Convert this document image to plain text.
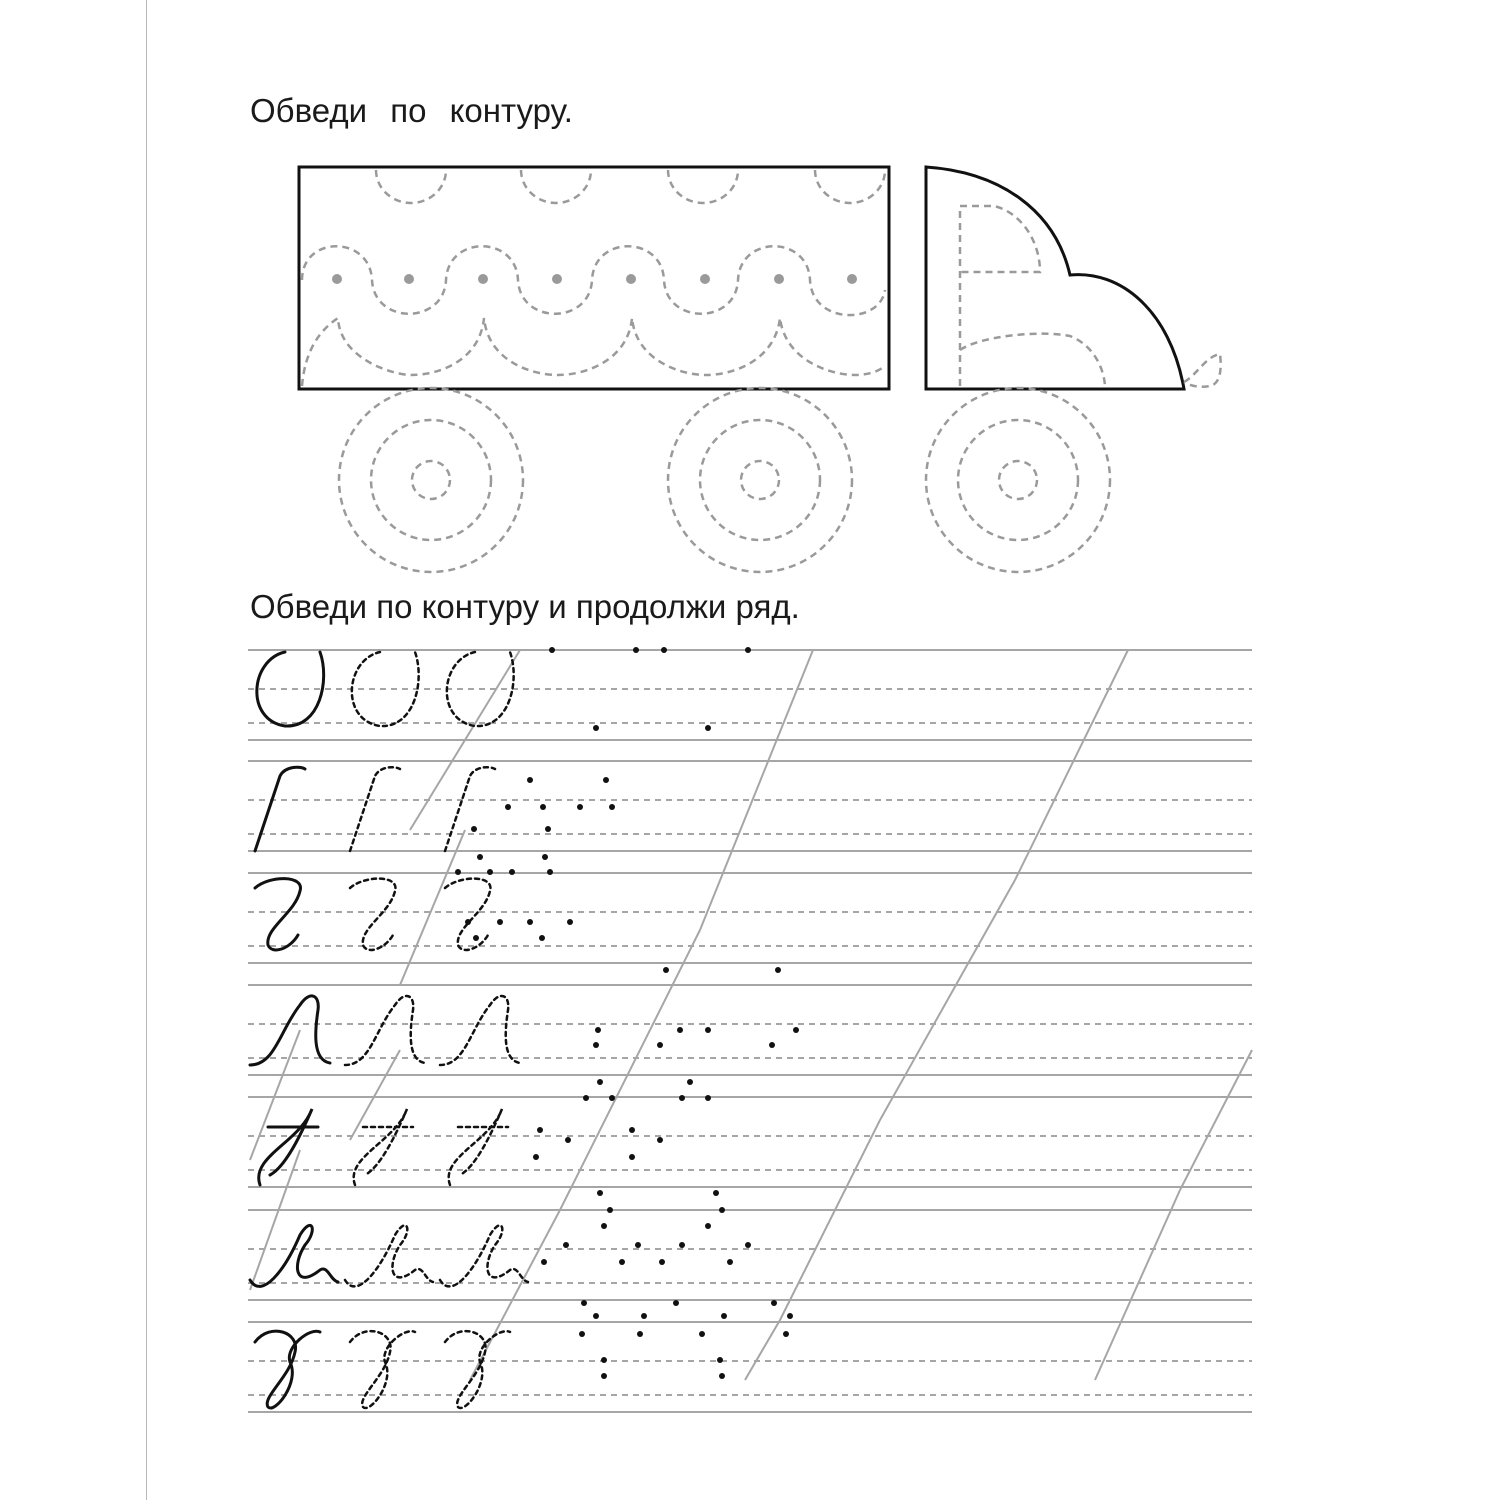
Обведи по контуру.
Обведи по контуру и продолжи ряд.
